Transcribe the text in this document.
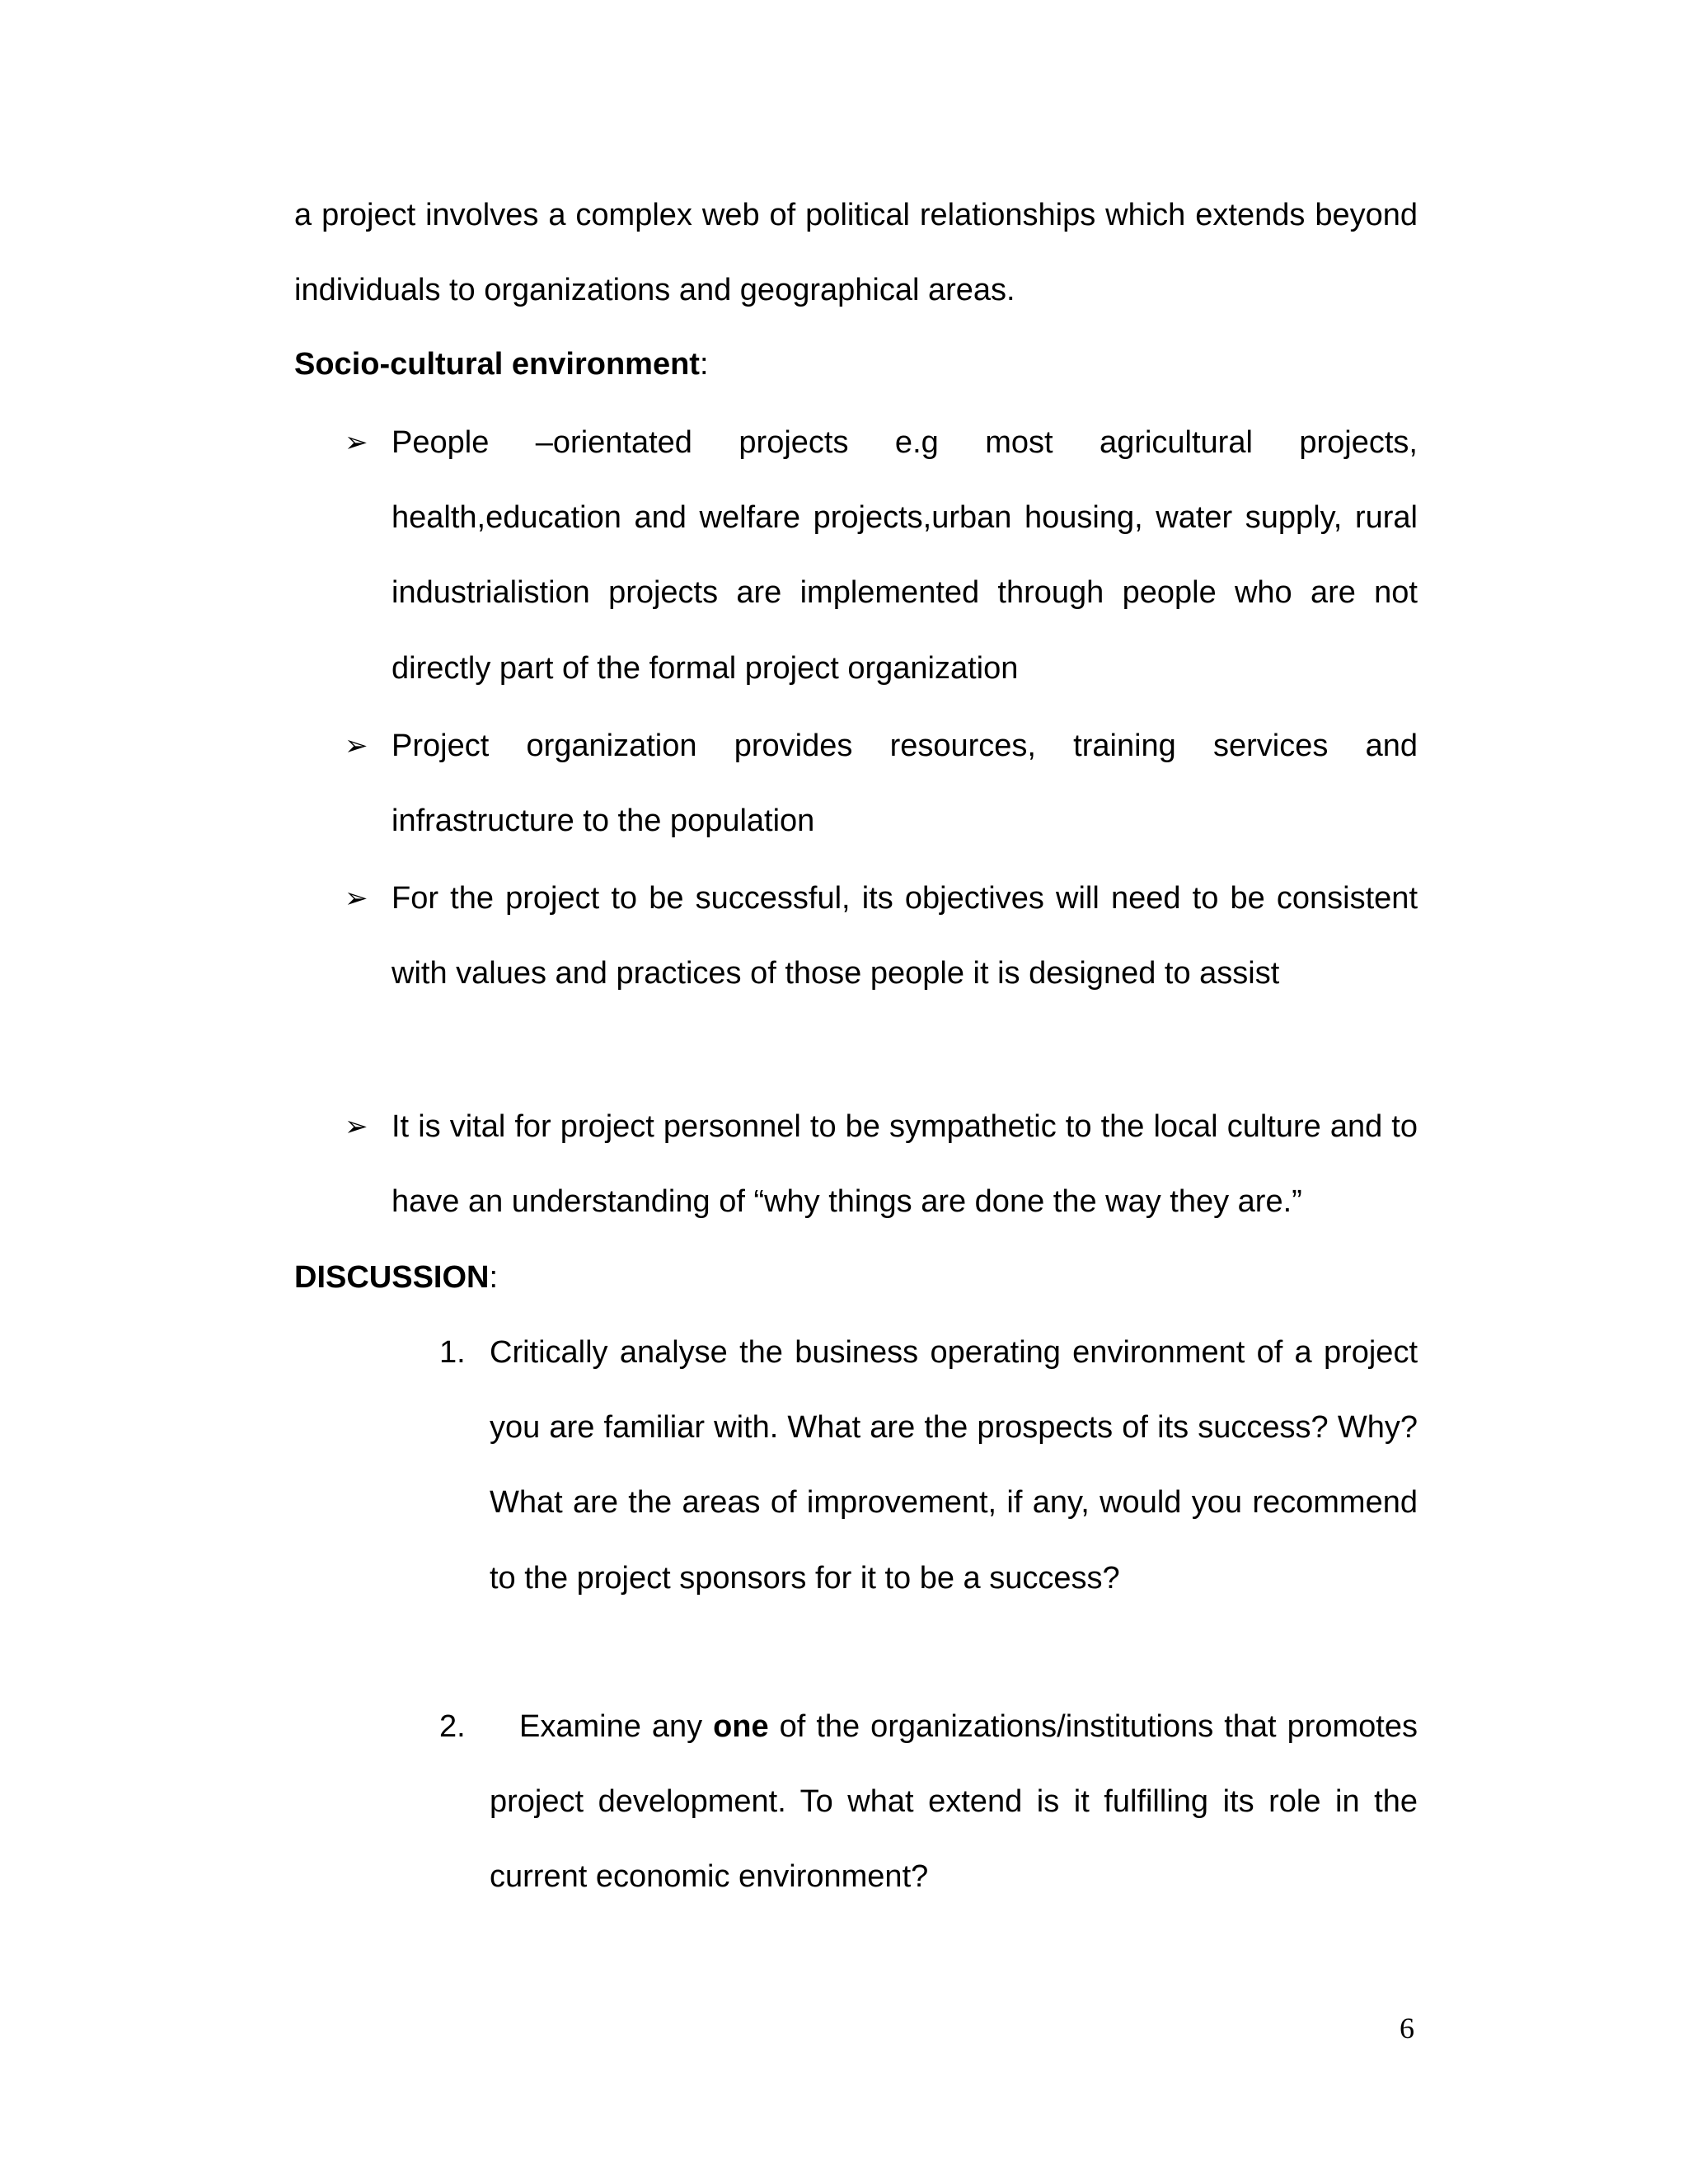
a project involves a complex web of political relationships which extends beyond individuals to organizations and geographical areas.

Socio-cultural environment:
➢ People –orientated projects e.g most agricultural projects, health,education and welfare projects,urban housing, water supply, rural industrialistion projects are implemented through people who are not directly part of the formal project organization

➢ Project organization provides resources, training services and infrastructure to the population

➢ For the project to be successful, its objectives will need to be consistent with values and practices of those people it is designed to assist

➢ It is vital for project personnel to be sympathetic to the local culture and to have an understanding of “why things are done the way they are.”

DISCUSSION:
1. Critically analyse the business operating environment of a project you are familiar with. What are the prospects of its success? Why? What are the areas of improvement, if any, would you recommend to the project sponsors for it to be a success?

2.	Examine any one of the organizations/institutions that promotes project development. To what extend is it fulfilling its role in the current economic environment?

6
